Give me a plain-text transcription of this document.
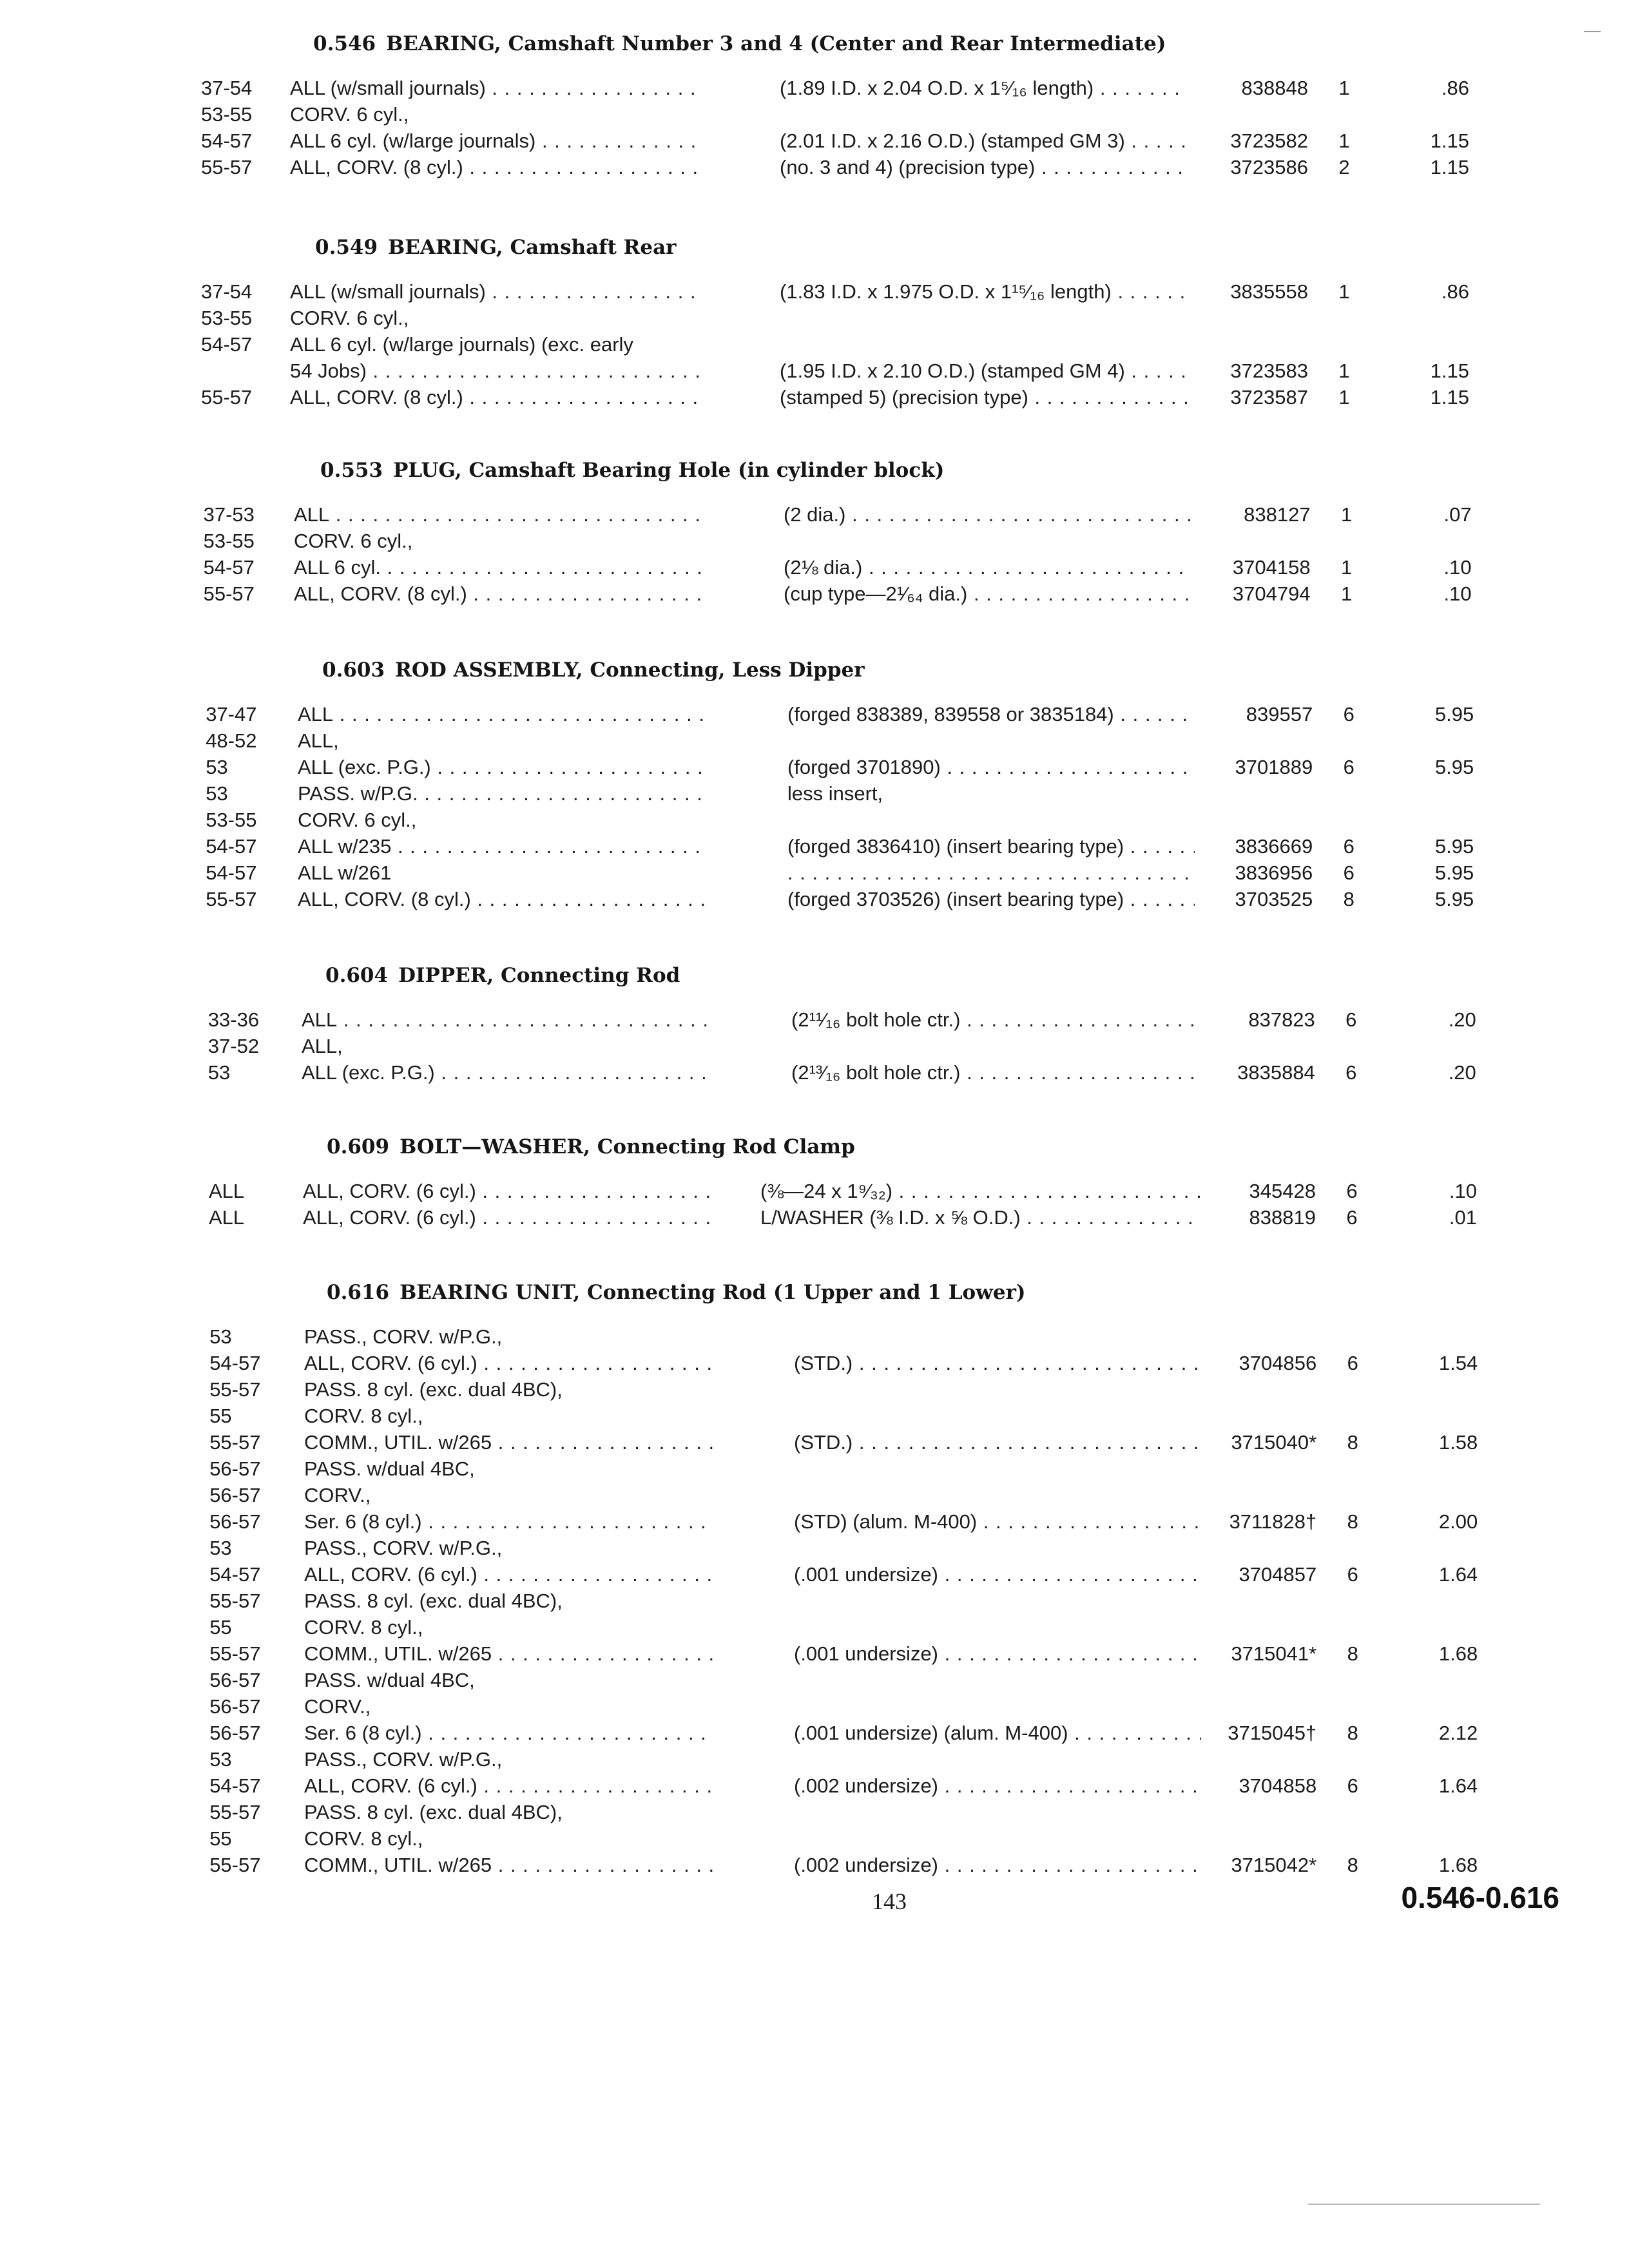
0.546 BEARING, Camshaft Number 3 and 4 (Center and Rear Intermediate)
37-54	ALL (w/small journals) . . .	(1.89 I.D. x 2.04 O.D. x 1⁵⁄₁₆ length) . . .	838848	1	.86
53-55	CORV. 6 cyl.,
54-57	ALL 6 cyl. (w/large journals) . . .	(2.01 I.D. x 2.16 O.D.) (stamped GM 3) . . .	3723582	1	1.15
55-57	ALL, CORV. (8 cyl.) . . .	(no. 3 and 4) (precision type) . . .	3723586	2	1.15
0.549 BEARING, Camshaft Rear
37-54	ALL (w/small journals) . . .	(1.83 I.D. x 1.975 O.D. x 1¹⁵⁄₁₆ length) . . .	3835558	1	.86
53-55	CORV. 6 cyl.,
54-57	ALL 6 cyl. (w/large journals) (exc. early
54 Jobs) . . .	(1.95 I.D. x 2.10 O.D.) (stamped GM 4) . . .	3723583	1	1.15
55-57	ALL, CORV. (8 cyl.) . . .	(stamped 5) (precision type) . . .	3723587	1	1.15
0.553 PLUG, Camshaft Bearing Hole (in cylinder block)
37-53	ALL . . .	(2 dia.) . . .	838127	1	.07
53-55	CORV. 6 cyl.,
54-57	ALL 6 cyl. . . .	(2⅛ dia.) . . .	3704158	1	.10
55-57	ALL, CORV. (8 cyl.) . . .	(cup type—2¹⁄₆₄ dia.) . . .	3704794	1	.10
0.603 ROD ASSEMBLY, Connecting, Less Dipper
37-47	ALL . . .	(forged 838389, 839558 or 3835184) . . .	839557	6	5.95
48-52	ALL,
53	ALL (exc. P.G.) . . .	(forged 3701890) . . .	3701889	6	5.95
53	PASS. w/P.G. . . .	less insert,
53-55	CORV. 6 cyl.,
54-57	ALL w/235 . . .	(forged 3836410) (insert bearing type) . . .	3836669	6	5.95
54-57	ALL w/261
. . .	3836956	6	5.95
55-57	ALL, CORV. (8 cyl.) . . .	(forged 3703526) (insert bearing type) . . .	3703525	8	5.95
0.604 DIPPER, Connecting Rod
33-36	ALL . . .	(2¹¹⁄₁₆ bolt hole ctr.) . . .	837823	6	.20
37-52	ALL,
53	ALL (exc. P.G.) . . .	(2¹³⁄₁₆ bolt hole ctr.) . . .	3835884	6	.20
0.609 BOLT—WASHER, Connecting Rod Clamp
ALL	ALL, CORV. (6 cyl.) . . .	(⅜—24 x 1⁹⁄₃₂) . . .	345428	6	.10
ALL	ALL, CORV. (6 cyl.) . . .	L/WASHER (⅜ I.D. x ⅝ O.D.) . . .	838819	6	.01
0.616 BEARING UNIT, Connecting Rod (1 Upper and 1 Lower)
53	PASS., CORV. w/P.G.,
54-57	ALL, CORV. (6 cyl.) . . .	(STD.) . . .	3704856	6	1.54
55-57	PASS. 8 cyl. (exc. dual 4BC),
55	CORV. 8 cyl.,
55-57	COMM., UTIL. w/265 . . .	(STD.) . . .	3715040*	8	1.58
56-57	PASS. w/dual 4BC,
56-57	CORV.,
56-57	Ser. 6 (8 cyl.) . . .	(STD) (alum. M-400) . . .	3711828†	8	2.00
53	PASS., CORV. w/P.G.,
54-57	ALL, CORV. (6 cyl.) . . .	(.001 undersize) . . .	3704857	6	1.64
55-57	PASS. 8 cyl. (exc. dual 4BC),
55	CORV. 8 cyl.,
55-57	COMM., UTIL. w/265 . . .	(.001 undersize) . . .	3715041*	8	1.68
56-57	PASS. w/dual 4BC,
56-57	CORV.,
56-57	Ser. 6 (8 cyl.) . . .	(.001 undersize) (alum. M-400) . . .	3715045†	8	2.12
53	PASS., CORV. w/P.G.,
54-57	ALL, CORV. (6 cyl.) . . .	(.002 undersize) . . .	3704858	6	1.64
55-57	PASS. 8 cyl. (exc. dual 4BC),
55	CORV. 8 cyl.,
55-57	COMM., UTIL. w/265 . . .	(.002 undersize) . . .	3715042*	8	1.68
143	0.546-0.616
